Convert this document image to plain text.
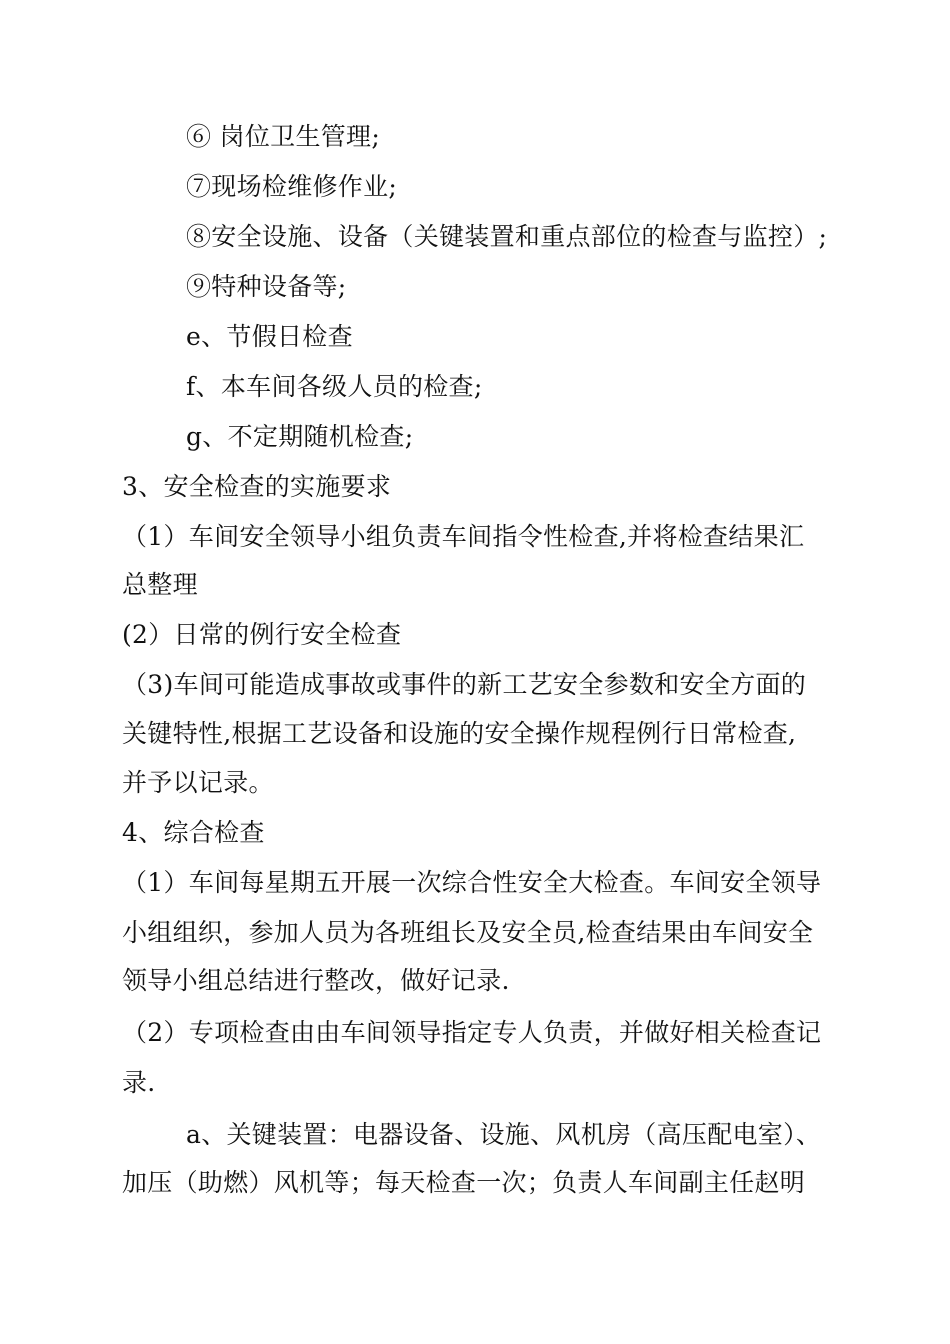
⑥ 岗位卫生管理;
⑦现场检维修作业;
⑧安全设施、设备（关键装置和重点部位的检查与监控）;
⑨特种设备等;
e、节假日检查
f、本车间各级人员的检查;
g、不定期随机检查;
3、安全检查的实施要求
（1）车间安全领导小组负责车间指令性检查,并将检查结果汇
总整理
(2）日常的例行安全检查
（3)车间可能造成事故或事件的新工艺安全参数和安全方面的
关键特性,根据工艺设备和设施的安全操作规程例行日常检查,
并予以记录。
4、综合检查
（1）车间每星期五开展一次综合性安全大检查。车间安全领导
小组组织，参加人员为各班组长及安全员,检查结果由车间安全
领导小组总结进行整改，做好记录.
（2）专项检查由由车间领导指定专人负责，并做好相关检查记
录.
a、关键装置：电器设备、设施、风机房（高压配电室）、
加压（助燃）风机等；每天检查一次；负责人车间副主任赵明
